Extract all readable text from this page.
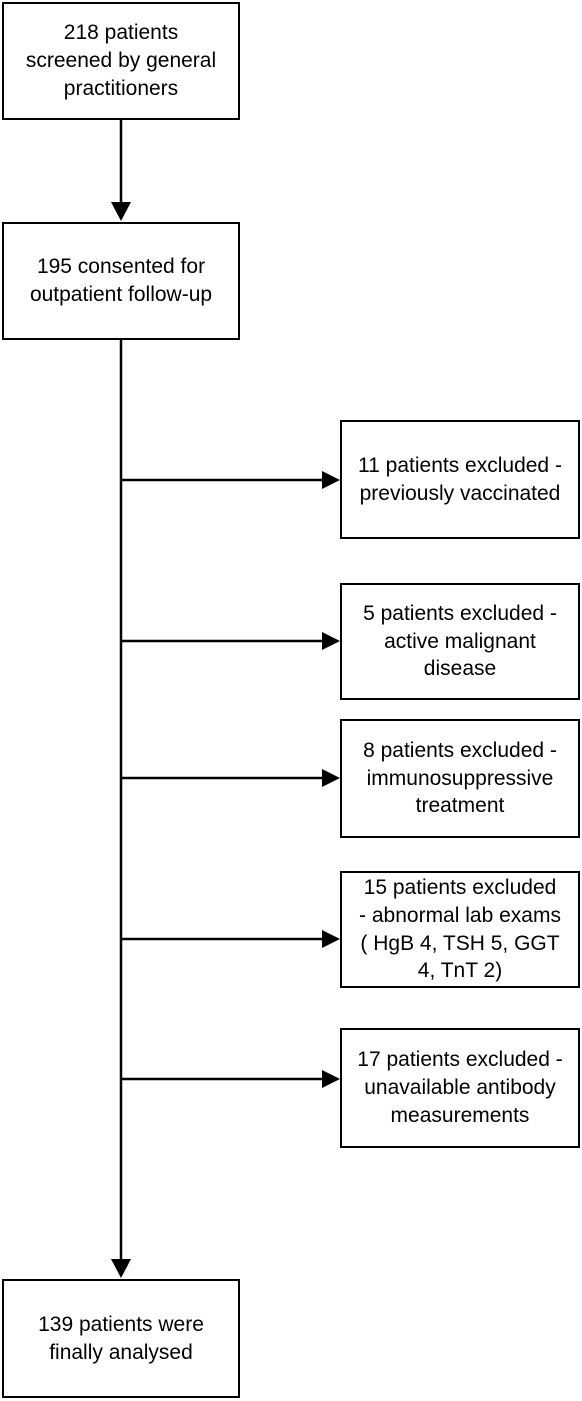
218 patients
screened by general
practitioners
195 consented for
outpatient follow-up
11 patients excluded -
previously vaccinated
5 patients excluded -
active malignant
disease
8 patients excluded -
immunosuppressive
treatment
15 patients excluded
- abnormal lab exams
( HgB 4, TSH 5, GGT
4, TnT 2)
17 patients excluded -
unavailable antibody
measurements
139 patients were
finally analysed
